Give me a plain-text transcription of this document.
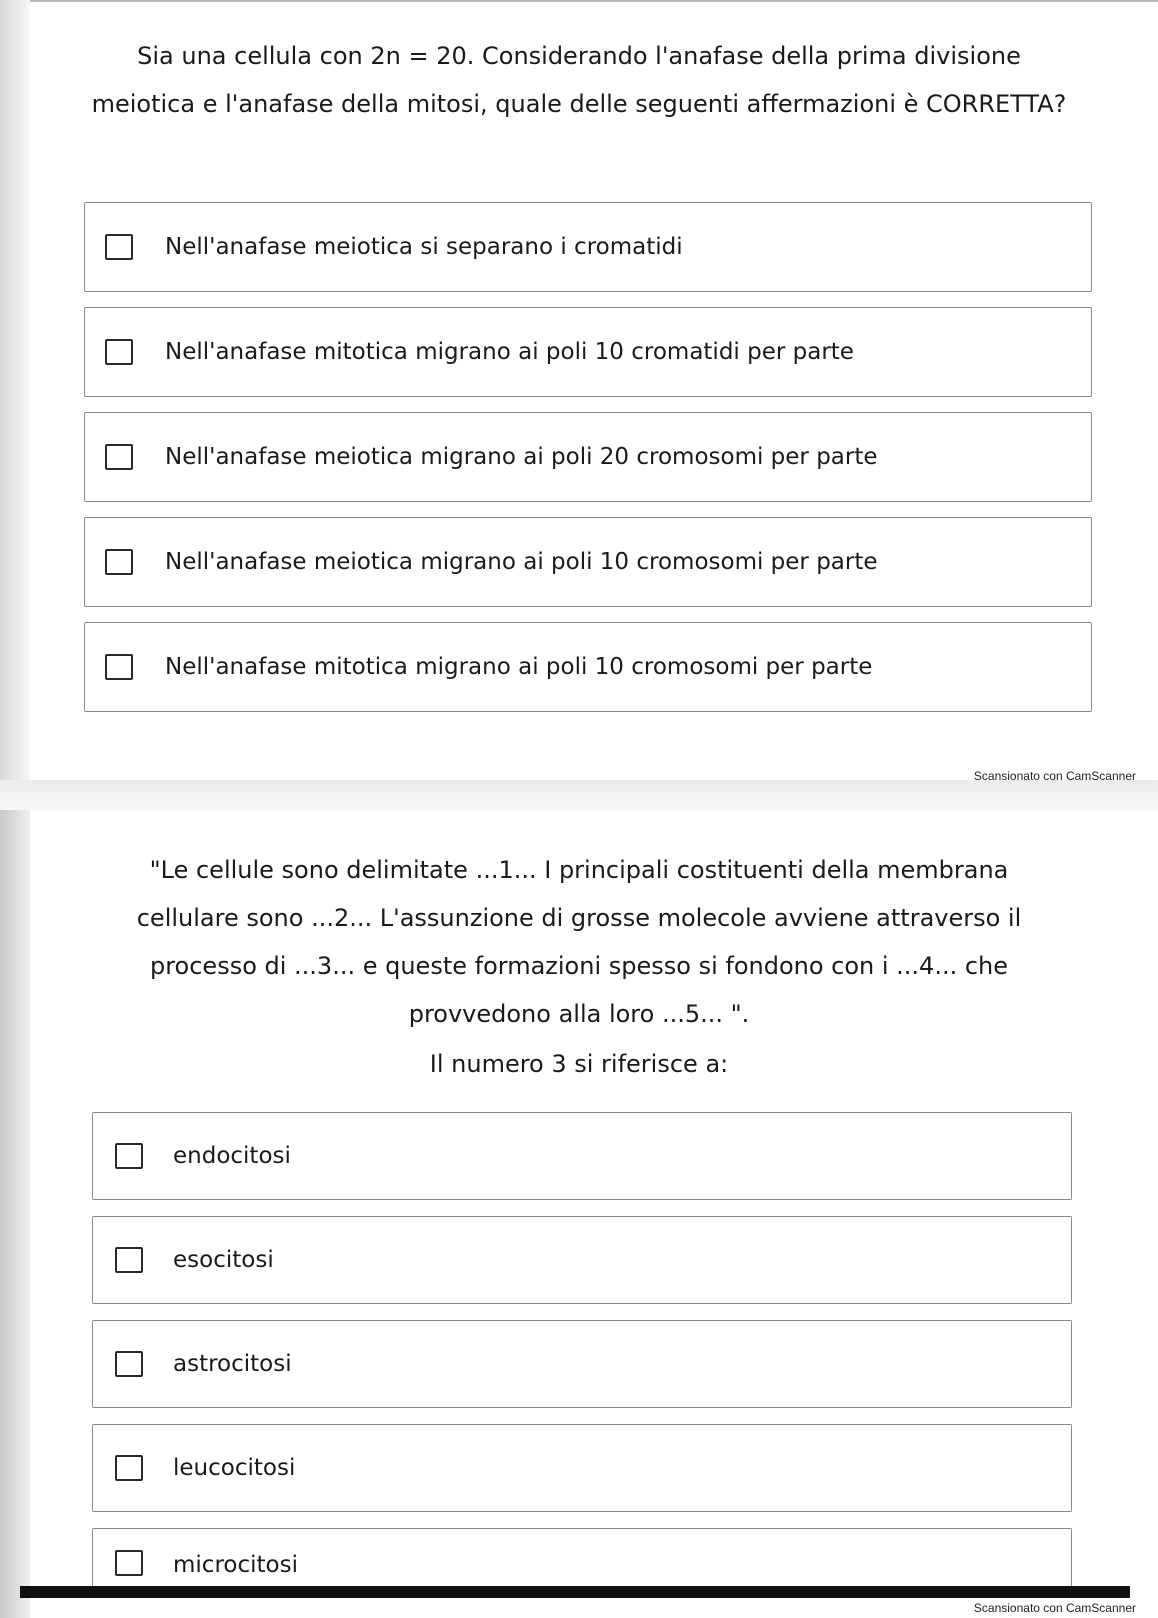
Sia una cellula con 2n = 20. Considerando l'anafase della prima divisione meiotica e l'anafase della mitosi, quale delle seguenti affermazioni è CORRETTA?

Nell'anafase meiotica si separano i cromatidi
Nell'anafase mitotica migrano ai poli 10 cromatidi per parte
Nell'anafase meiotica migrano ai poli 20 cromosomi per parte
Nell'anafase meiotica migrano ai poli 10 cromosomi per parte
Nell'anafase mitotica migrano ai poli 10 cromosomi per parte
Scansionato con CamScanner

"Le cellule sono delimitate ...1... I principali costituenti della membrana cellulare sono ...2... L'assunzione di grosse molecole avviene attraverso il processo di ...3... e queste formazioni spesso si fondono con i ...4... che provvedono alla loro ...5... ".

Il numero 3 si riferisce a:

endocitosi
esocitosi
astrocitosi
leucocitosi
microcitosi
Scansionato con CamScanner
